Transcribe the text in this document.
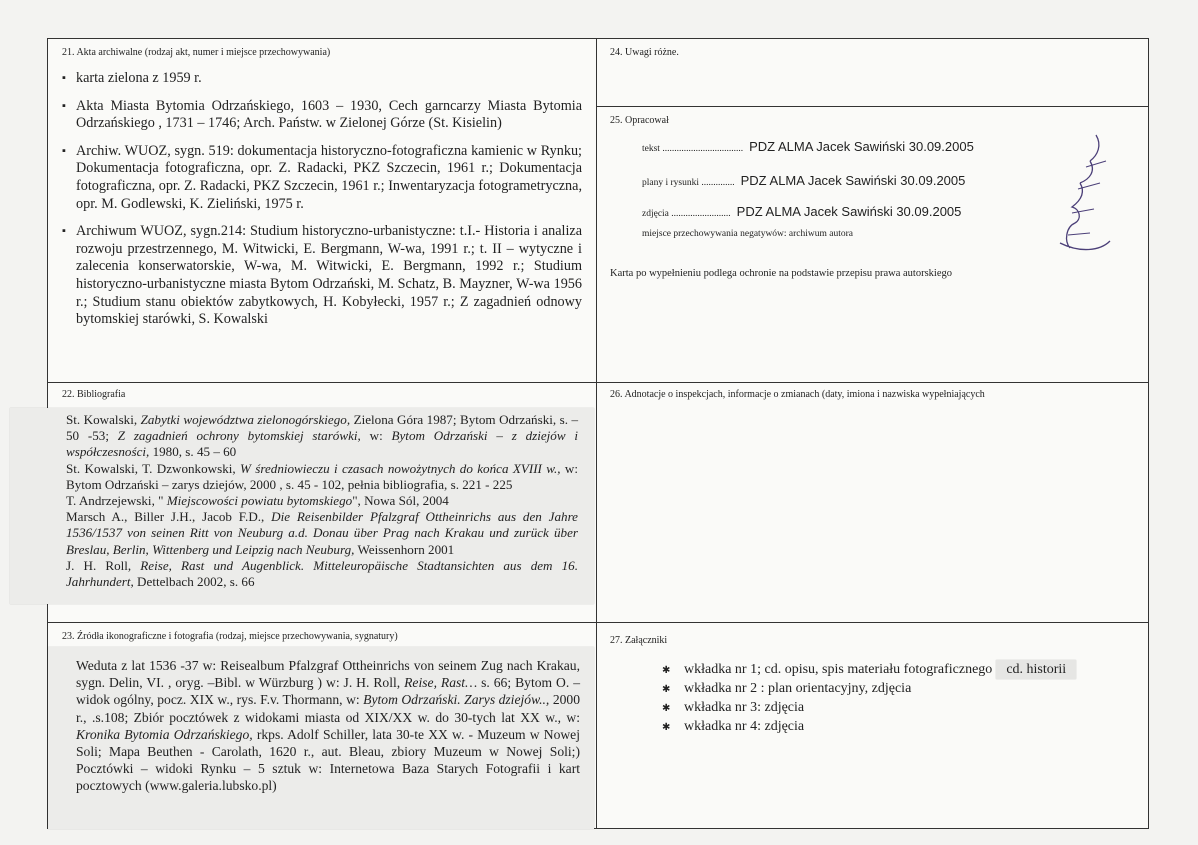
21. Akta archiwalne (rodzaj akt, numer i miejsce przechowywania)
▪ karta zielona z 1959 r.
▪ Akta Miasta Bytomia Odrzańskiego, 1603 – 1930, Cech garncarzy Miasta Bytomia Odrzańskiego , 1731 – 1746; Arch. Państw. w Zielonej Górze (St. Kisielin)
▪ Archiw. WUOZ, sygn. 519: dokumentacja historyczno-fotograficzna kamienic w Rynku; Dokumentacja fotograficzna, opr. Z. Radacki, PKZ Szczecin, 1961 r.; Dokumentacja fotograficzna, opr. Z. Radacki, PKZ Szczecin, 1961 r.; Inwentaryzacja fotogrametryczna, opr. M. Godlewski, K. Zieliński, 1975 r.
▪ Archiwum WUOZ, sygn.214: Studium historyczno-urbanistyczne: t.I.- Historia i analiza rozwoju przestrzennego, M. Witwicki, E. Bergmann, W-wa, 1991 r.; t. II – wytyczne i zalecenia konserwatorskie, W-wa, M. Witwicki, E. Bergmann, 1992 r.; Studium historyczno-urbanistyczne miasta Bytom Odrzański, M. Schatz, B. Mayzner, W-wa 1956 r.; Studium stanu obiektów zabytkowych, H. Kobyłecki, 1957 r.; Z zagadnień odnowy bytomskiej starówki, S. Kowalski
24. Uwagi różne.
25. Opracował
tekst .................................. PDZ ALMA Jacek Sawiński 30.09.2005
plany i rysunki .............. PDZ ALMA Jacek Sawiński 30.09.2005
zdjęcia ......................... PDZ ALMA Jacek Sawiński 30.09.2005
miejsce przechowywania negatywów: archiwum autora
Karta po wypełnieniu podlega ochronie na podstawie przepisu prawa autorskiego
22. Bibliografia

St. Kowalski, Zabytki województwa zielonogórskiego, Zielona Góra 1987; Bytom Odrzański, s. – 50 -53; Z zagadnień ochrony bytomskiej starówki, w: Bytom Odrzański – z dziejów i współczesności, 1980, s. 45 – 60

St. Kowalski, T. Dzwonkowski, W średniowieczu i czasach nowożytnych do końca XVIII w., w: Bytom Odrzański – zarys dziejów, 2000 , s. 45 - 102, pełnia bibliografia, s. 221 - 225

T. Andrzejewski, " Miejscowości powiatu bytomskiego", Nowa Sól, 2004

Marsch A., Biller J.H., Jacob F.D., Die Reisenbilder Pfalzgraf Ottheinrichs aus den Jahre 1536/1537 von seinen Ritt von Neuburg a.d. Donau über Prag nach Krakau und zurück über Breslau, Berlin, Wittenberg und Leipzig nach Neuburg, Weissenhorn 2001

J. H. Roll, Reise, Rast und Augenblick. Mitteleuropäische Stadtansichten aus dem 16. Jahrhundert, Dettelbach 2002, s. 66

26. Adnotacje o inspekcjach, informacje o zmianach (daty, imiona i nazwiska wypełniających
23. Źródła ikonograficzne i fotografia (rodzaj, miejsce przechowywania, sygnatury)

Weduta z lat 1536 -37 w: Reisealbum Pfalzgraf Ottheinrichs von seinem Zug nach Krakau, sygn. Delin, VI. , oryg. –Bibl. w Würzburg ) w: J. H. Roll, Reise, Rast… s. 66; Bytom O. – widok ogólny, pocz. XIX w., rys. F.v. Thormann, w: Bytom Odrzański. Zarys dziejów.., 2000 r., .s.108; Zbiór pocztówek z widokami miasta od XIX/XX w. do 30-tych lat XX w., w: Kronika Bytomia Odrzańskiego, rkps. Adolf Schiller, lata 30-te XX w. - Muzeum w Nowej Soli; Mapa Beuthen - Carolath, 1620 r., aut. Bleau, zbiory Muzeum w Nowej Soli;) Pocztówki – widoki Rynku – 5 sztuk w: Internetowa Baza Starych Fotografii i kart pocztowych (www.galeria.lubsko.pl)

27. Załączniki
✱ wkładka nr 1; cd. opisu, spis materiału fotograficznego cd. historii
✱ wkładka nr 2 : plan orientacyjny, zdjęcia
✱ wkładka nr 3: zdjęcia
✱ wkładka nr 4: zdjęcia
